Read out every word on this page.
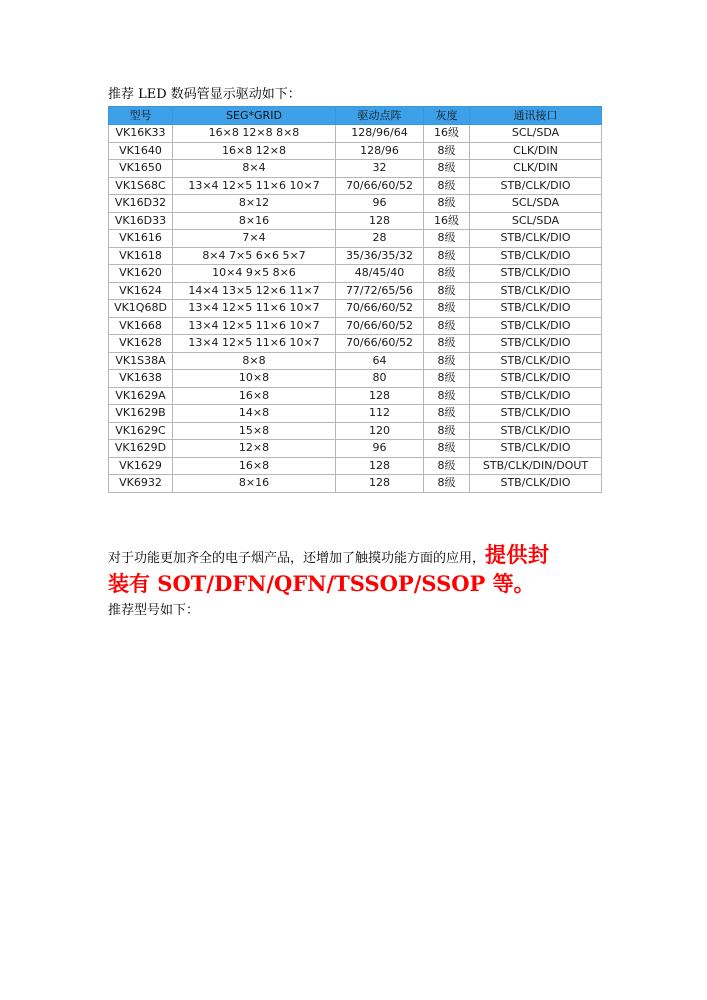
推荐 LED 数码管显示驱动如下：
型号	SEG*GRID	驱动点阵	灰度	通讯接口
VK16K33	16×8 12×8 8×8	128/96/64	16级	SCL/SDA
VK1640	16×8 12×8	128/96	8级	CLK/DIN
VK1650	8×4	32	8级	CLK/DIN
VK1S68C	13×4 12×5 11×6 10×7	70/66/60/52	8级	STB/CLK/DIO
VK16D32	8×12	96	8级	SCL/SDA
VK16D33	8×16	128	16级	SCL/SDA
VK1616	7×4	28	8级	STB/CLK/DIO
VK1618	8×4 7×5 6×6 5×7	35/36/35/32	8级	STB/CLK/DIO
VK1620	10×4 9×5 8×6	48/45/40	8级	STB/CLK/DIO
VK1624	14×4 13×5 12×6 11×7	77/72/65/56	8级	STB/CLK/DIO
VK1Q68D	13×4 12×5 11×6 10×7	70/66/60/52	8级	STB/CLK/DIO
VK1668	13×4 12×5 11×6 10×7	70/66/60/52	8级	STB/CLK/DIO
VK1628	13×4 12×5 11×6 10×7	70/66/60/52	8级	STB/CLK/DIO
VK1S38A	8×8	64	8级	STB/CLK/DIO
VK1638	10×8	80	8级	STB/CLK/DIO
VK1629A	16×8	128	8级	STB/CLK/DIO
VK1629B	14×8	112	8级	STB/CLK/DIO
VK1629C	15×8	120	8级	STB/CLK/DIO
VK1629D	12×8	96	8级	STB/CLK/DIO
VK1629	16×8	128	8级	STB/CLK/DIN/DOUT
VK6932	8×16	128	8级	STB/CLK/DIO
对于功能更加齐全的电子烟产品，还增加了触摸功能方面的应用，提供封
装有 SOT/DFN/QFN/TSSOP/SSOP 等。
推荐型号如下：
